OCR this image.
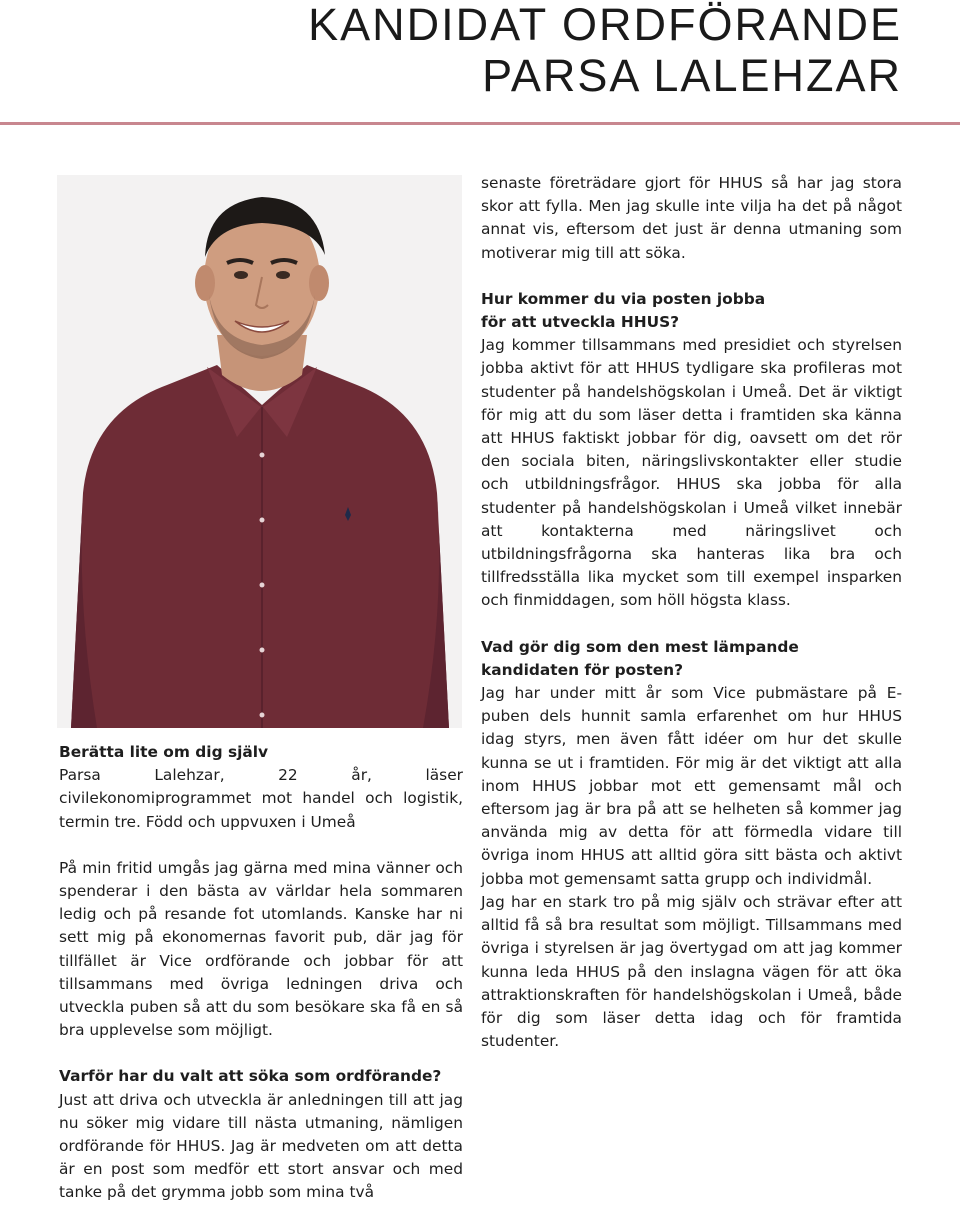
KANDIDAT ORDFÖRANDE
PARSA LALEHZAR
Berätta lite om dig själv

Parsa Lalehzar, 22 år, läser civilekonomiprogrammet mot handel och logistik, termin tre. Född och uppvuxen i Umeå

På min fritid umgås jag gärna med mina vänner och spenderar i den bästa av världar hela sommaren ledig och på resande fot utomlands. Kanske har ni sett mig på ekonomernas favorit pub, där jag för tillfället är Vice ordförande och jobbar för att tillsammans med övriga ledningen driva och utveckla puben så att du som besökare ska få en så bra upplevelse som möjligt.

Varför har du valt att söka som ordförande?

Just att driva och utveckla är anledningen till att jag nu söker mig vidare till nästa utmaning, nämligen ordförande för HHUS. Jag är medveten om att detta är en post som medför ett stort ansvar och med tanke på det grymma jobb som mina två

senaste företrädare gjort för HHUS så har jag stora skor att fylla. Men jag skulle inte vilja ha det på något annat vis, eftersom det just är denna utmaning som motiverar mig till att söka.

Hur kommer du via posten jobba för att utveckla HHUS?

Jag kommer tillsammans med presidiet och styrelsen jobba aktivt för att HHUS tydligare ska profileras mot studenter på handelshögskolan i Umeå. Det är viktigt för mig att du som läser detta i framtiden ska känna att HHUS faktiskt jobbar för dig, oavsett om det rör den sociala biten, näringslivskontakter eller studie och utbildningsfrågor. HHUS ska jobba för alla studenter på handelshögskolan i Umeå vilket innebär att kontakterna med näringslivet och utbildningsfrågorna ska hanteras lika bra och tillfredsställa lika mycket som till exempel insparken och finmiddagen, som höll högsta klass.

Vad gör dig som den mest lämpande kandidaten för posten?

Jag har under mitt år som Vice pubmästare på E-puben dels hunnit samla erfarenhet om hur HHUS idag styrs, men även fått idéer om hur det skulle kunna se ut i framtiden. För mig är det viktigt att alla inom HHUS jobbar mot ett gemensamt mål och eftersom jag är bra på att se helheten så kommer jag använda mig av detta för att förmedla vidare till övriga inom HHUS att alltid göra sitt bästa och aktivt jobba mot gemensamt satta grupp och individmål.

Jag har en stark tro på mig själv och strävar efter att alltid få så bra resultat som möjligt. Tillsammans med övriga i styrelsen är jag övertygad om att jag kommer kunna leda HHUS på den inslagna vägen för att öka attraktionskraften för handelshögskolan i Umeå, både för dig som läser detta idag och för framtida studenter.
